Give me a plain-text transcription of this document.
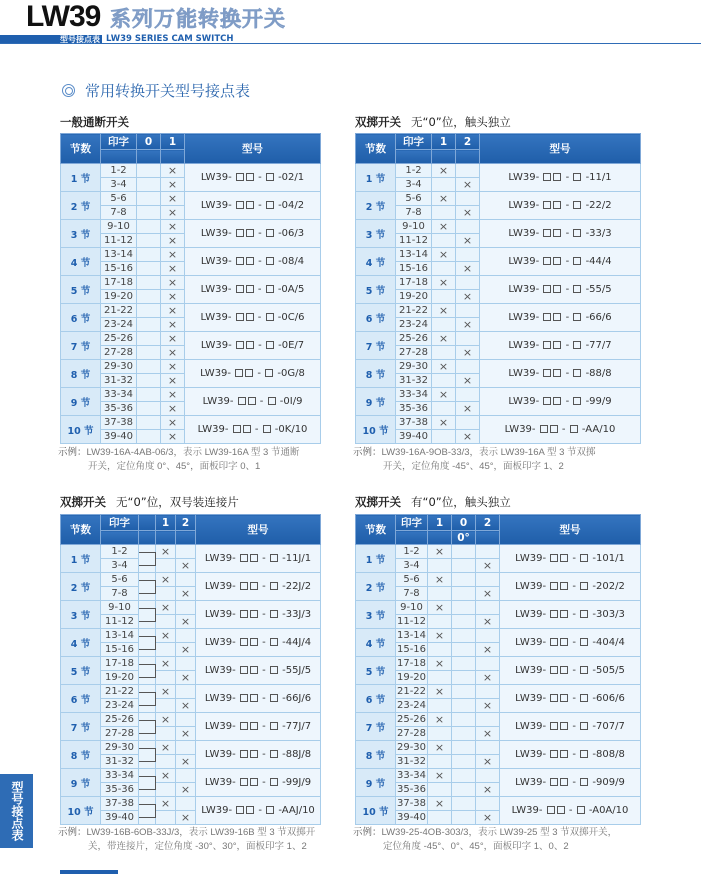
LW39 系列万能转换开关
型号接点表 LW39 SERIES CAM SWITCH
常用转换开关型号接点表
一般通断开关
节数	印字	0	1	型号

1 节	1-2		×	LW39-  -  -02/1
	3-4		×	
2 节	5-6		×	LW39-  -  -04/2
	7-8		×	
3 节	9-10		×	LW39-  -  -06/3
	11-12		×	
4 节	13-14		×	LW39-  -  -08/4
	15-16		×	
5 节	17-18		×	LW39-  -  -0A/5
	19-20		×	
6 节	21-22		×	LW39-  -  -0C/6
	23-24		×	
7 节	25-26		×	LW39-  -  -0E/7
	27-28		×	
8 节	29-30		×	LW39-  -  -0G/8
	31-32		×	
9 节	33-34		×	LW39-  -  -0I/9
	35-36		×	
10 节	37-38		×	LW39-  -  -0K/10
	39-40		×	
示例：LW39-16A-4AB-06/3，表示 LW39-16A 型 3 节通断
开关，定位角度 0°、45°，面板印字 0、1
双掷开关 无“0”位，触头独立
节数	印字	1	2	型号

1 节	1-2	×		LW39-  -  -11/1
	3-4		×	
2 节	5-6	×		LW39-  -  -22/2
	7-8		×	
3 节	9-10	×		LW39-  -  -33/3
	11-12		×	
4 节	13-14	×		LW39-  -  -44/4
	15-16		×	
5 节	17-18	×		LW39-  -  -55/5
	19-20		×	
6 节	21-22	×		LW39-  -  -66/6
	23-24		×	
7 节	25-26	×		LW39-  -  -77/7
	27-28		×	
8 节	29-30	×		LW39-  -  -88/8
	31-32		×	
9 节	33-34	×		LW39-  -  -99/9
	35-36		×	
10 节	37-38	×		LW39-  -  -AA/10
	39-40		×	
示例：LW39-16A-9OB-33/3，表示 LW39-16A 型 3 节双掷
开关，定位角度 -45°、45°，面板印字 1、2
双掷开关 无“0”位，双号装连接片
节数	印字		1	2	型号

1 节	1-2		×		LW39-  -  -11J/1
	3-4			×	
2 节	5-6		×		LW39-  -  -22J/2
	7-8			×	
3 节	9-10		×		LW39-  -  -33J/3
	11-12			×	
4 节	13-14		×		LW39-  -  -44J/4
	15-16			×	
5 节	17-18		×		LW39-  -  -55J/5
	19-20			×	
6 节	21-22		×		LW39-  -  -66J/6
	23-24			×	
7 节	25-26		×		LW39-  -  -77J/7
	27-28			×	
8 节	29-30		×		LW39-  -  -88J/8
	31-32			×	
9 节	33-34		×		LW39-  -  -99J/9
	35-36			×	
10 节	37-38		×		LW39-  -  -AAJ/10
	39-40			×	
示例：LW39-16B-6OB-33J/3，表示 LW39-16B 型 3 节双掷开
关，带连接片，定位角度 -30°、30°，面板印字 1、2
双掷开关 有“0”位，触头独立
节数	印字	1	0	2	型号
			0°		
1 节	1-2	×			LW39-  -  -101/1
	3-4			×	
2 节	5-6	×			LW39-  -  -202/2
	7-8			×	
3 节	9-10	×			LW39-  -  -303/3
	11-12			×	
4 节	13-14	×			LW39-  -  -404/4
	15-16			×	
5 节	17-18	×			LW39-  -  -505/5
	19-20			×	
6 节	21-22	×			LW39-  -  -606/6
	23-24			×	
7 节	25-26	×			LW39-  -  -707/7
	27-28			×	
8 节	29-30	×			LW39-  -  -808/8
	31-32			×	
9 节	33-34	×			LW39-  -  -909/9
	35-36			×	
10 节	37-38	×			LW39-  -  -A0A/10
	39-40			×	
示例：LW39-25-4OB-303/3，表示 LW39-25 型 3 节双掷开关，
定位角度 -45°、0°、45°，面板印字 1、0、2
型号接点表
